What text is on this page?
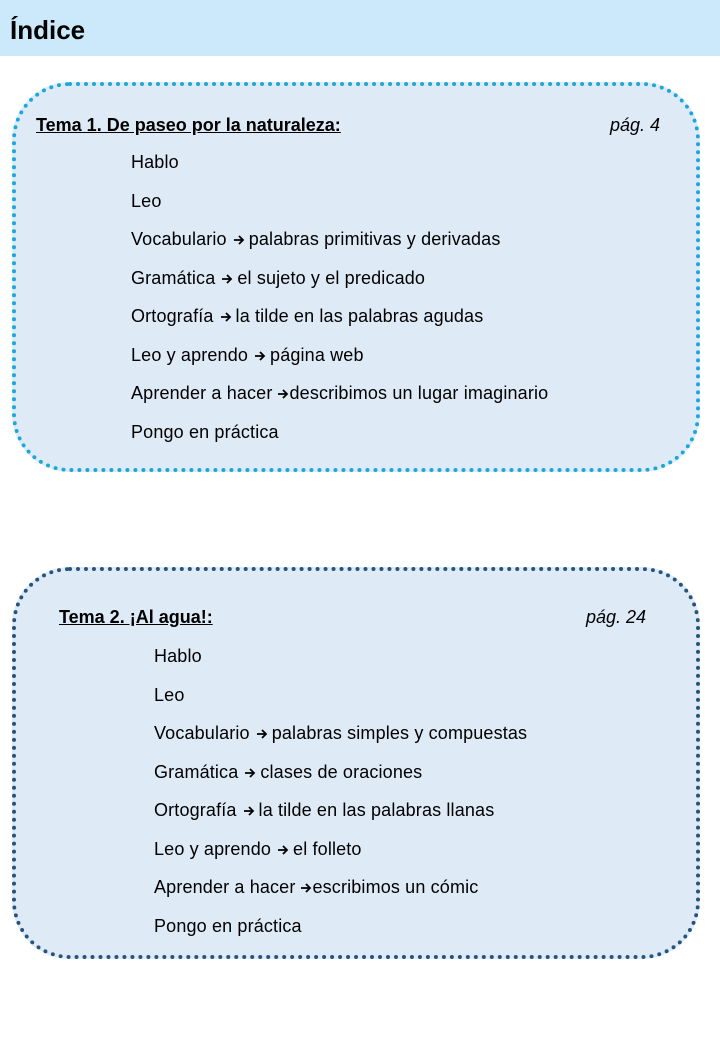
Índice
Tema 1. De paseo por la naturaleza:	pág. 4
Hablo
Leo
Vocabulario palabras primitivas y derivadas
Gramática el sujeto y el predicado
Ortografía la tilde en las palabras agudas
Leo y aprendo página web
Aprender a hacer describimos un lugar imaginario
Pongo en práctica
Tema 2. ¡Al agua!:	pág. 24
Hablo
Leo
Vocabulario palabras simples y compuestas
Gramática clases de oraciones
Ortografía la tilde en las palabras llanas
Leo y aprendo el folleto
Aprender a hacer escribimos un cómic
Pongo en práctica
